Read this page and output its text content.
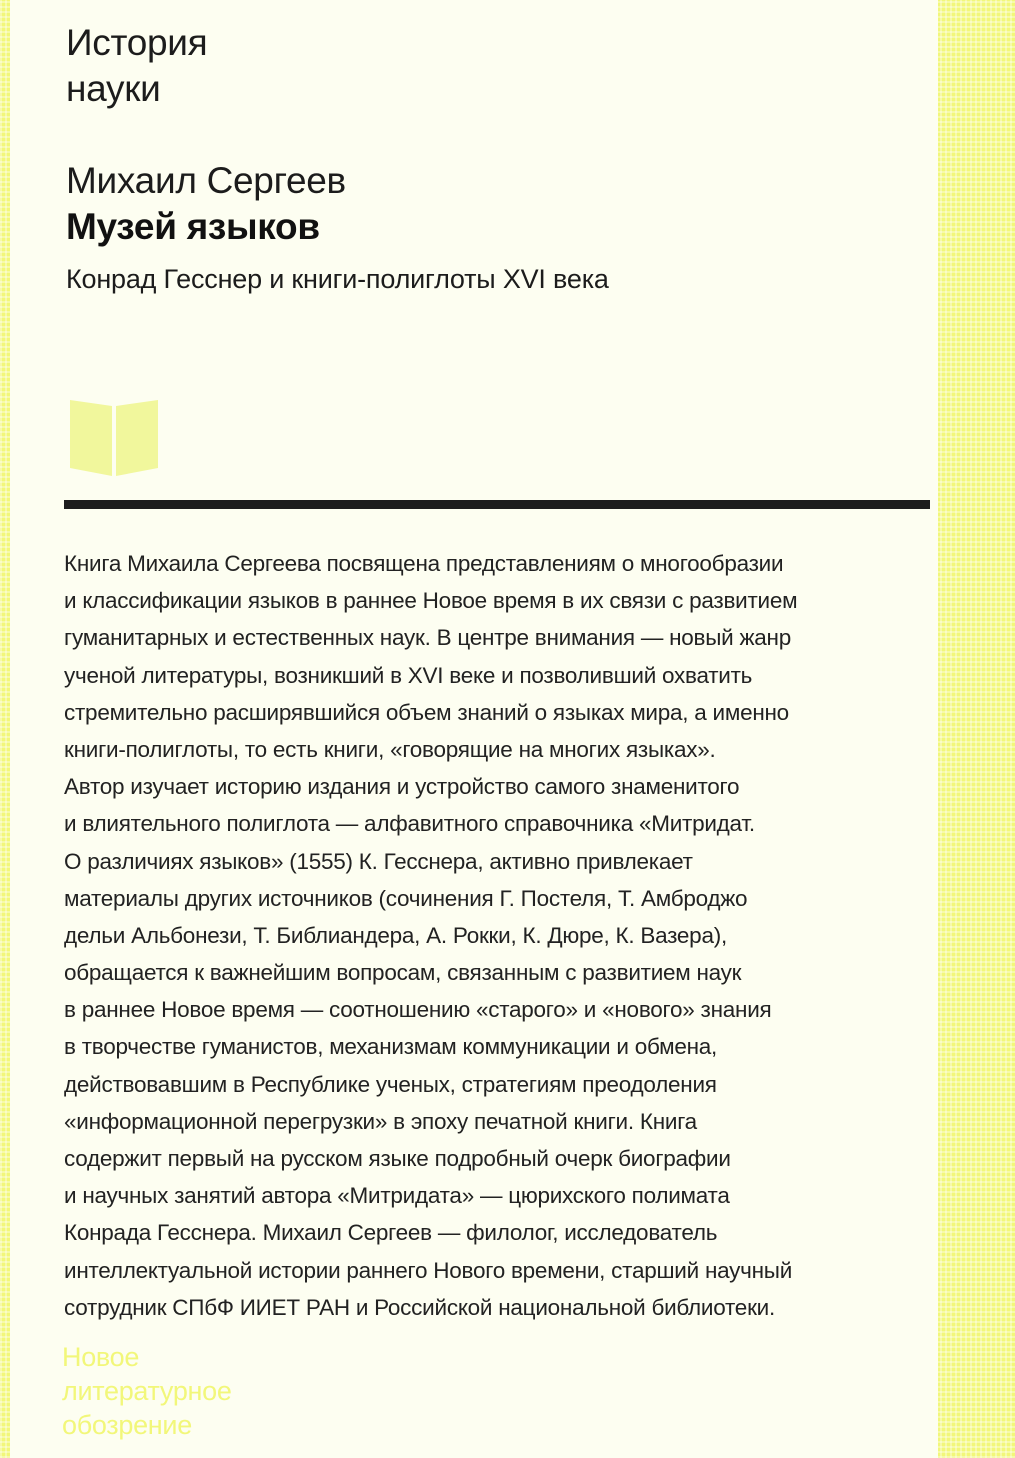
История
науки
Михаил Сергеев
Музей языков
Конрад Гесснер и книги-полиглоты XVI века
Книга Михаила Сергеева посвящена представлениям о многообразии
и классификации языков в раннее Новое время в их связи с развитием
гуманитарных и естественных наук. В центре внимания — новый жанр
ученой литературы, возникший в XVI веке и позволивший охватить
стремительно расширявшийся объем знаний о языках мира, а именно
книги-полиглоты, то есть книги, «говорящие на многих языках».
Автор изучает историю издания и устройство самого знаменитого
и влиятельного полиглота — алфавитного справочника «Митридат.
О различиях языков» (1555) К. Гесснера, активно привлекает
материалы других источников (сочинения Г. Постеля, Т. Амброджо
дельи Альбонези, Т. Библиандера, А. Рокки, К. Дюре, К. Вазера),
обращается к важнейшим вопросам, связанным с развитием наук
в раннее Новое время — соотношению «старого» и «нового» знания
в творчестве гуманистов, механизмам коммуникации и обмена,
действовавшим в Республике ученых, стратегиям преодоления
«информационной перегрузки» в эпоху печатной книги. Книга
содержит первый на русском языке подробный очерк биографии
и научных занятий автора «Митридата» — цюрихского полимата
Конрада Гесснера. Михаил Сергеев — филолог, исследователь
интеллектуальной истории раннего Нового времени, старший научный
сотрудник СПбФ ИИЕТ РАН и Российской национальной библиотеки.
Новое
литературное
обозрение
